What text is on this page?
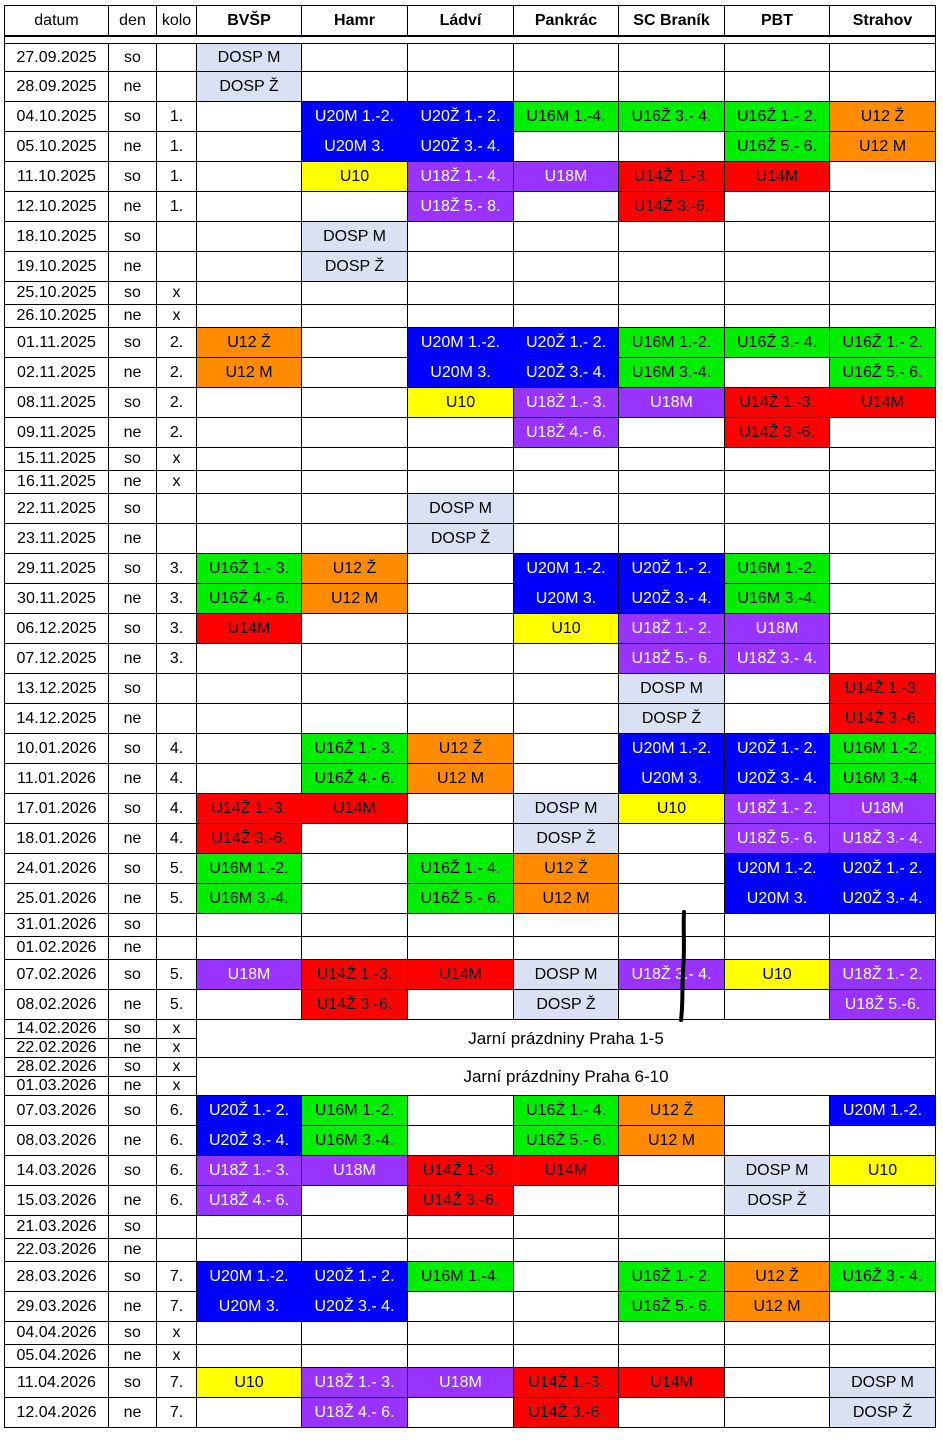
datum	den	kolo	BVŠP	Hamr	Ládví	Pankrác	SC Braník	PBT	Strahov

27.09.2025	so		DOSP M						
28.09.2025	ne		DOSP Ž						
04.10.2025	so	1.		U20M 1.-2.	U20Ž 1.- 2.	U16M 1.-4.	U16Ž 3.- 4.	U16Ž 1.- 2.	U12 Ž
05.10.2025	ne	1.		U20M 3.	U20Ž 3.- 4.			U16Ž 5.- 6.	U12 M
11.10.2025	so	1.		U10	U18Ž 1.- 4.	U18M	U14Ž 1.-3.	U14M	
12.10.2025	ne	1.			U18Ž 5.- 8.		U14Ž 3.-6.		
18.10.2025	so			DOSP M					
19.10.2025	ne			DOSP Ž					
25.10.2025	so	x							
26.10.2025	ne	x							
01.11.2025	so	2.	U12 Ž		U20M 1.-2.	U20Ž 1.- 2.	U16M 1.-2.	U16Ž 3.- 4.	U16Ž 1.- 2.
02.11.2025	ne	2.	U12 M		U20M 3.	U20Ž 3.- 4.	U16M 3.-4.		U16Ž 5.- 6.
08.11.2025	so	2.			U10	U18Ž 1.- 3.	U18M	U14Ž 1.-3.	U14M
09.11.2025	ne	2.				U18Ž 4.- 6.		U14Ž 3.-6.	
15.11.2025	so	x							
16.11.2025	ne	x							
22.11.2025	so				DOSP M				
23.11.2025	ne				DOSP Ž				
29.11.2025	so	3.	U16Ž 1.- 3.	U12 Ž		U20M 1.-2.	U20Ž 1.- 2.	U16M 1.-2.	
30.11.2025	ne	3.	U16Ž 4.- 6.	U12 M		U20M 3.	U20Ž 3.- 4.	U16M 3.-4.	
06.12.2025	so	3.	U14M			U10	U18Ž 1.- 2.	U18M	
07.12.2025	ne	3.					U18Ž 5.- 6.	U18Ž 3.- 4.	
13.12.2025	so						DOSP M		U14Ž 1.-3.
14.12.2025	ne						DOSP Ž		U14Ž 3.-6.
10.01.2026	so	4.		U16Ž 1.- 3.	U12 Ž		U20M 1.-2.	U20Ž 1.- 2.	U16M 1.-2.
11.01.2026	ne	4.		U16Ž 4.- 6.	U12 M		U20M 3.	U20Ž 3.- 4.	U16M 3.-4.
17.01.2026	so	4.	U14Ž 1.-3.	U14M		DOSP M	U10	U18Ž 1.- 2.	U18M
18.01.2026	ne	4.	U14Ž 3.-6.			DOSP Ž		U18Ž 5.- 6.	U18Ž 3.- 4.
24.01.2026	so	5.	U16M 1.-2.		U16Ž 1.- 4.	U12 Ž		U20M 1.-2.	U20Ž 1.- 2.
25.01.2026	ne	5.	U16M 3.-4.		U16Ž 5.- 6.	U12 M		U20M 3.	U20Ž 3.- 4.
31.01.2026	so								
01.02.2026	ne								
07.02.2026	so	5.	U18M	U14Ž 1.-3.	U14M	DOSP M	U18Ž 3.- 4.	U10	U18Ž 1.- 2.
08.02.2026	ne	5.		U14Ž 3.-6.		DOSP Ž			U18Ž 5.-6.
14.02.2026	so	x	Jarní prázdniny Praha 1-5						
22.02.2026	ne	x							
28.02.2026	so	x	Jarní prázdniny Praha 6-10						
01.03.2026	ne	x							
07.03.2026	so	6.	U20Ž 1.- 2.	U16M 1.-2.		U16Ž 1.- 4.	U12 Ž		U20M 1.-2.
08.03.2026	ne	6.	U20Ž 3.- 4.	U16M 3.-4.		U16Ž 5.- 6.	U12 M		
14.03.2026	so	6.	U18Ž 1.- 3.	U18M	U14Ž 1.-3.	U14M		DOSP M	U10
15.03.2026	ne	6.	U18Ž 4.- 6.		U14Ž 3.-6.			DOSP Ž	
21.03.2026	so								
22.03.2026	ne								
28.03.2026	so	7.	U20M 1.-2.	U20Ž 1.- 2.	U16M 1.-4.		U16Ž 1.- 2.	U12 Ž	U16Ž 3.- 4.
29.03.2026	ne	7.	U20M 3.	U20Ž 3.- 4.			U16Ž 5.- 6.	U12 M	
04.04.2026	so	x							
05.04.2026	ne	x							
11.04.2026	so	7.	U10	U18Ž 1.- 3.	U18M	U14Ž 1.-3.	U14M		DOSP M
12.04.2026	ne	7.		U18Ž 4.- 6.		U14Ž 3.-6.			DOSP Ž
